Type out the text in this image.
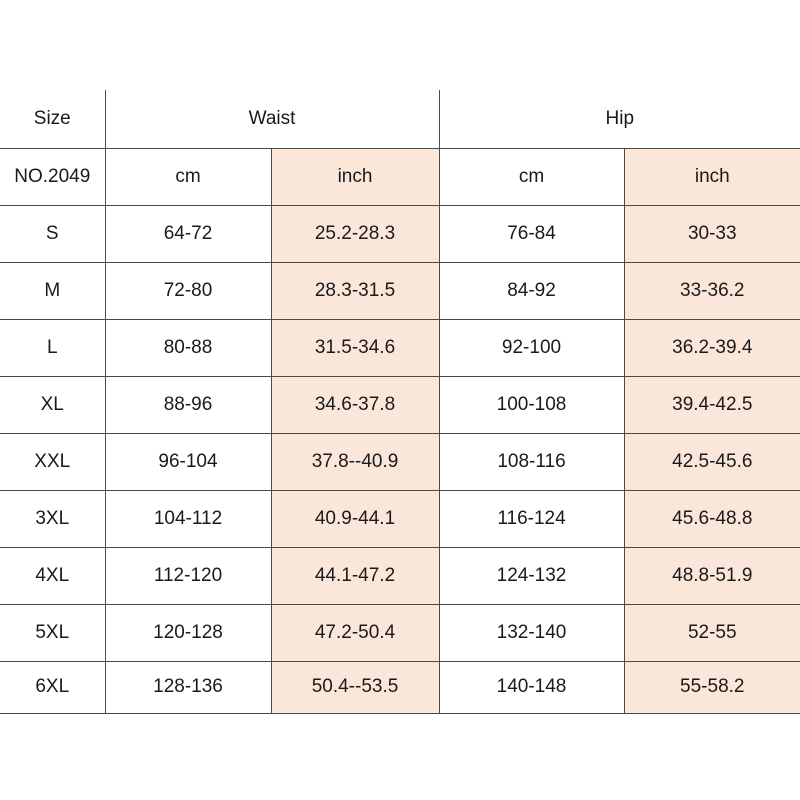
Size	Waist		Hip	
NO.2049	cm	inch	cm	inch
S	64-72	25.2-28.3	76-84	30-33
M	72-80	28.3-31.5	84-92	33-36.2
L	80-88	31.5-34.6	92-100	36.2-39.4
XL	88-96	34.6-37.8	100-108	39.4-42.5
XXL	96-104	37.8--40.9	108-116	42.5-45.6
3XL	104-112	40.9-44.1	116-124	45.6-48.8
4XL	112-120	44.1-47.2	124-132	48.8-51.9
5XL	120-128	47.2-50.4	132-140	52-55
6XL	128-136	50.4--53.5	140-148	55-58.2
